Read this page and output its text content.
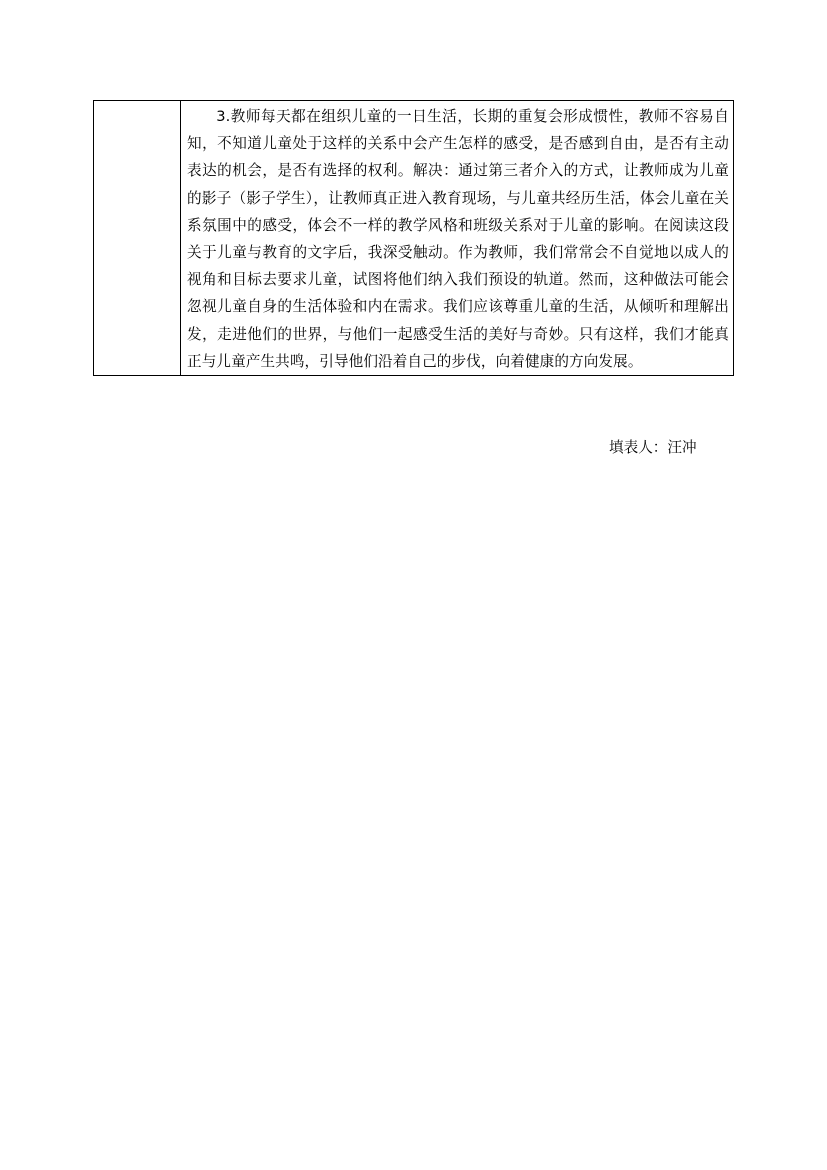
3.教师每天都在组织儿童的一日生活，长期的重复会形成惯性，教师不容易自知，不知道儿童处于这样的关系中会产生怎样的感受，是否感到自由，是否有主动表达的机会，是否有选择的权利。解决：通过第三者介入的方式，让教师成为儿童的影子（影子学生），让教师真正进入教育现场，与儿童共经历生活，体会儿童在关系氛围中的感受，体会不一样的教学风格和班级关系对于儿童的影响。在阅读这段关于儿童与教育的文字后，我深受触动。作为教师，我们常常会不自觉地以成人的视角和目标去要求儿童，试图将他们纳入我们预设的轨道。然而，这种做法可能会忽视儿童自身的生活体验和内在需求。我们应该尊重儿童的生活，从倾听和理解出发，走进他们的世界，与他们一起感受生活的美好与奇妙。只有这样，我们才能真正与儿童产生共鸣，引导他们沿着自己的步伐，向着健康的方向发展。
填表人：汪冲
